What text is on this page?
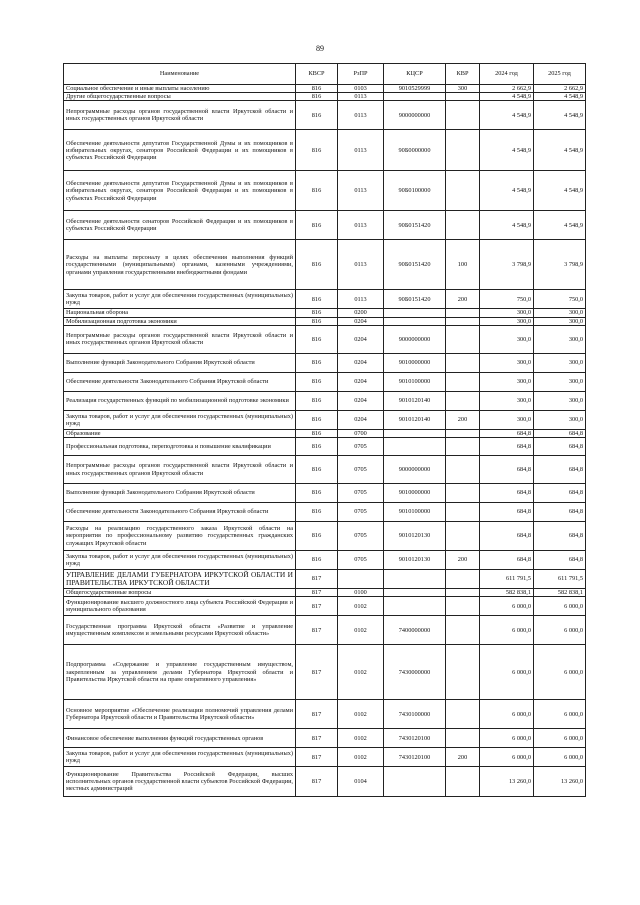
89
Наименование	КВСР	РзПР	КЦСР	КВР	2024 год	2025 год
Социальное обеспечение и иные выплаты населению	816	0103	9010529999	300	2 662,9	2 662,9
Другие общегосударственные вопросы	816	0113			4 548,9	4 548,9
Непрограммные расходы органов государственной власти Иркутской области и иных государственных органов Иркутской области	816	0113	9000000000		4 548,9	4 548,9
Обеспечение деятельности депутатов Государственной Думы и их помощников в избирательных округах, сенаторов Российской Федерации и их помощников в субъектах Российской Федерации	816	0113	90Б0000000		4 548,9	4 548,9
Обеспечение деятельности депутатов Государственной Думы и их помощников в избирательных округах, сенаторов Российской Федерации и их помощников в субъектах Российской Федерации	816	0113	90Б0100000		4 548,9	4 548,9
Обеспечение деятельности сенаторов Российской Федерации и их помощников в субъектах Российской Федерации	816	0113	90Б0151420		4 548,9	4 548,9
Расходы на выплаты персоналу в целях обеспечения выполнения функций государственными (муниципальными) органами, казенными учреждениями, органами управления государственными внебюджетными фондами	816	0113	90Б0151420	100	3 798,9	3 798,9
Закупка товаров, работ и услуг для обеспечения государственных (муниципальных) нужд	816	0113	90Б0151420	200	750,0	750,0
Национальная оборона	816	0200			300,0	300,0
Мобилизационная подготовка экономики	816	0204			300,0	300,0
Непрограммные расходы органов государственной власти Иркутской области и иных государственных органов Иркутской области	816	0204	9000000000		300,0	300,0
Выполнение функций Законодательного Собрания Иркутской области	816	0204	9010000000		300,0	300,0
Обеспечение деятельности Законодательного Собрания Иркутской области	816	0204	9010100000		300,0	300,0
Реализация государственных функций по мобилизационной подготовке экономики	816	0204	9010120140		300,0	300,0
Закупка товаров, работ и услуг для обеспечения государственных (муниципальных) нужд	816	0204	9010120140	200	300,0	300,0
Образование	816	0700			684,8	684,8
Профессиональная подготовка, переподготовка и повышение квалификации	816	0705			684,8	684,8
Непрограммные расходы органов государственной власти Иркутской области и иных государственных органов Иркутской области	816	0705	9000000000		684,8	684,8
Выполнение функций Законодательного Собрания Иркутской области	816	0705	9010000000		684,8	684,8
Обеспечение деятельности Законодательного Собрания Иркутской области	816	0705	9010100000		684,8	684,8
Расходы на реализацию государственного заказа Иркутской области на мероприятия по профессиональному развитию государственных гражданских служащих Иркутской области	816	0705	9010120130		684,8	684,8
Закупка товаров, работ и услуг для обеспечения государственных (муниципальных) нужд	816	0705	9010120130	200	684,8	684,8
УПРАВЛЕНИЕ ДЕЛАМИ ГУБЕРНАТОРА ИРКУТСКОЙ ОБЛАСТИ И ПРАВИТЕЛЬСТВА ИРКУТСКОЙ ОБЛАСТИ	817				611 791,5	611 791,5
Общегосударственные вопросы	817	0100			582 838,1	582 838,1
Функционирование высшего должностного лица субъекта Российской Федерации и муниципального образования	817	0102			6 000,0	6 000,0
Государственная программа Иркутской области «Развитие и управление имущественным комплексом и земельными ресурсами Иркутской области»	817	0102	7400000000		6 000,0	6 000,0
Подпрограмма «Содержание и управление государственным имуществом, закрепленным за управлением делами Губернатора Иркутской области и Правительства Иркутской области на праве оперативного управления»	817	0102	7430000000		6 000,0	6 000,0
Основное мероприятие «Обеспечение реализации полномочий управления делами Губернатора Иркутской области и Правительства Иркутской области»	817	0102	7430100000		6 000,0	6 000,0
Финансовое обеспечение выполнения функций государственных органов	817	0102	7430120100		6 000,0	6 000,0
Закупка товаров, работ и услуг для обеспечения государственных (муниципальных) нужд	817	0102	7430120100	200	6 000,0	6 000,0
Функционирование Правительства Российской Федерации, высших исполнительных органов государственной власти субъектов Российской Федерации, местных администраций	817	0104			13 260,0	13 260,0
